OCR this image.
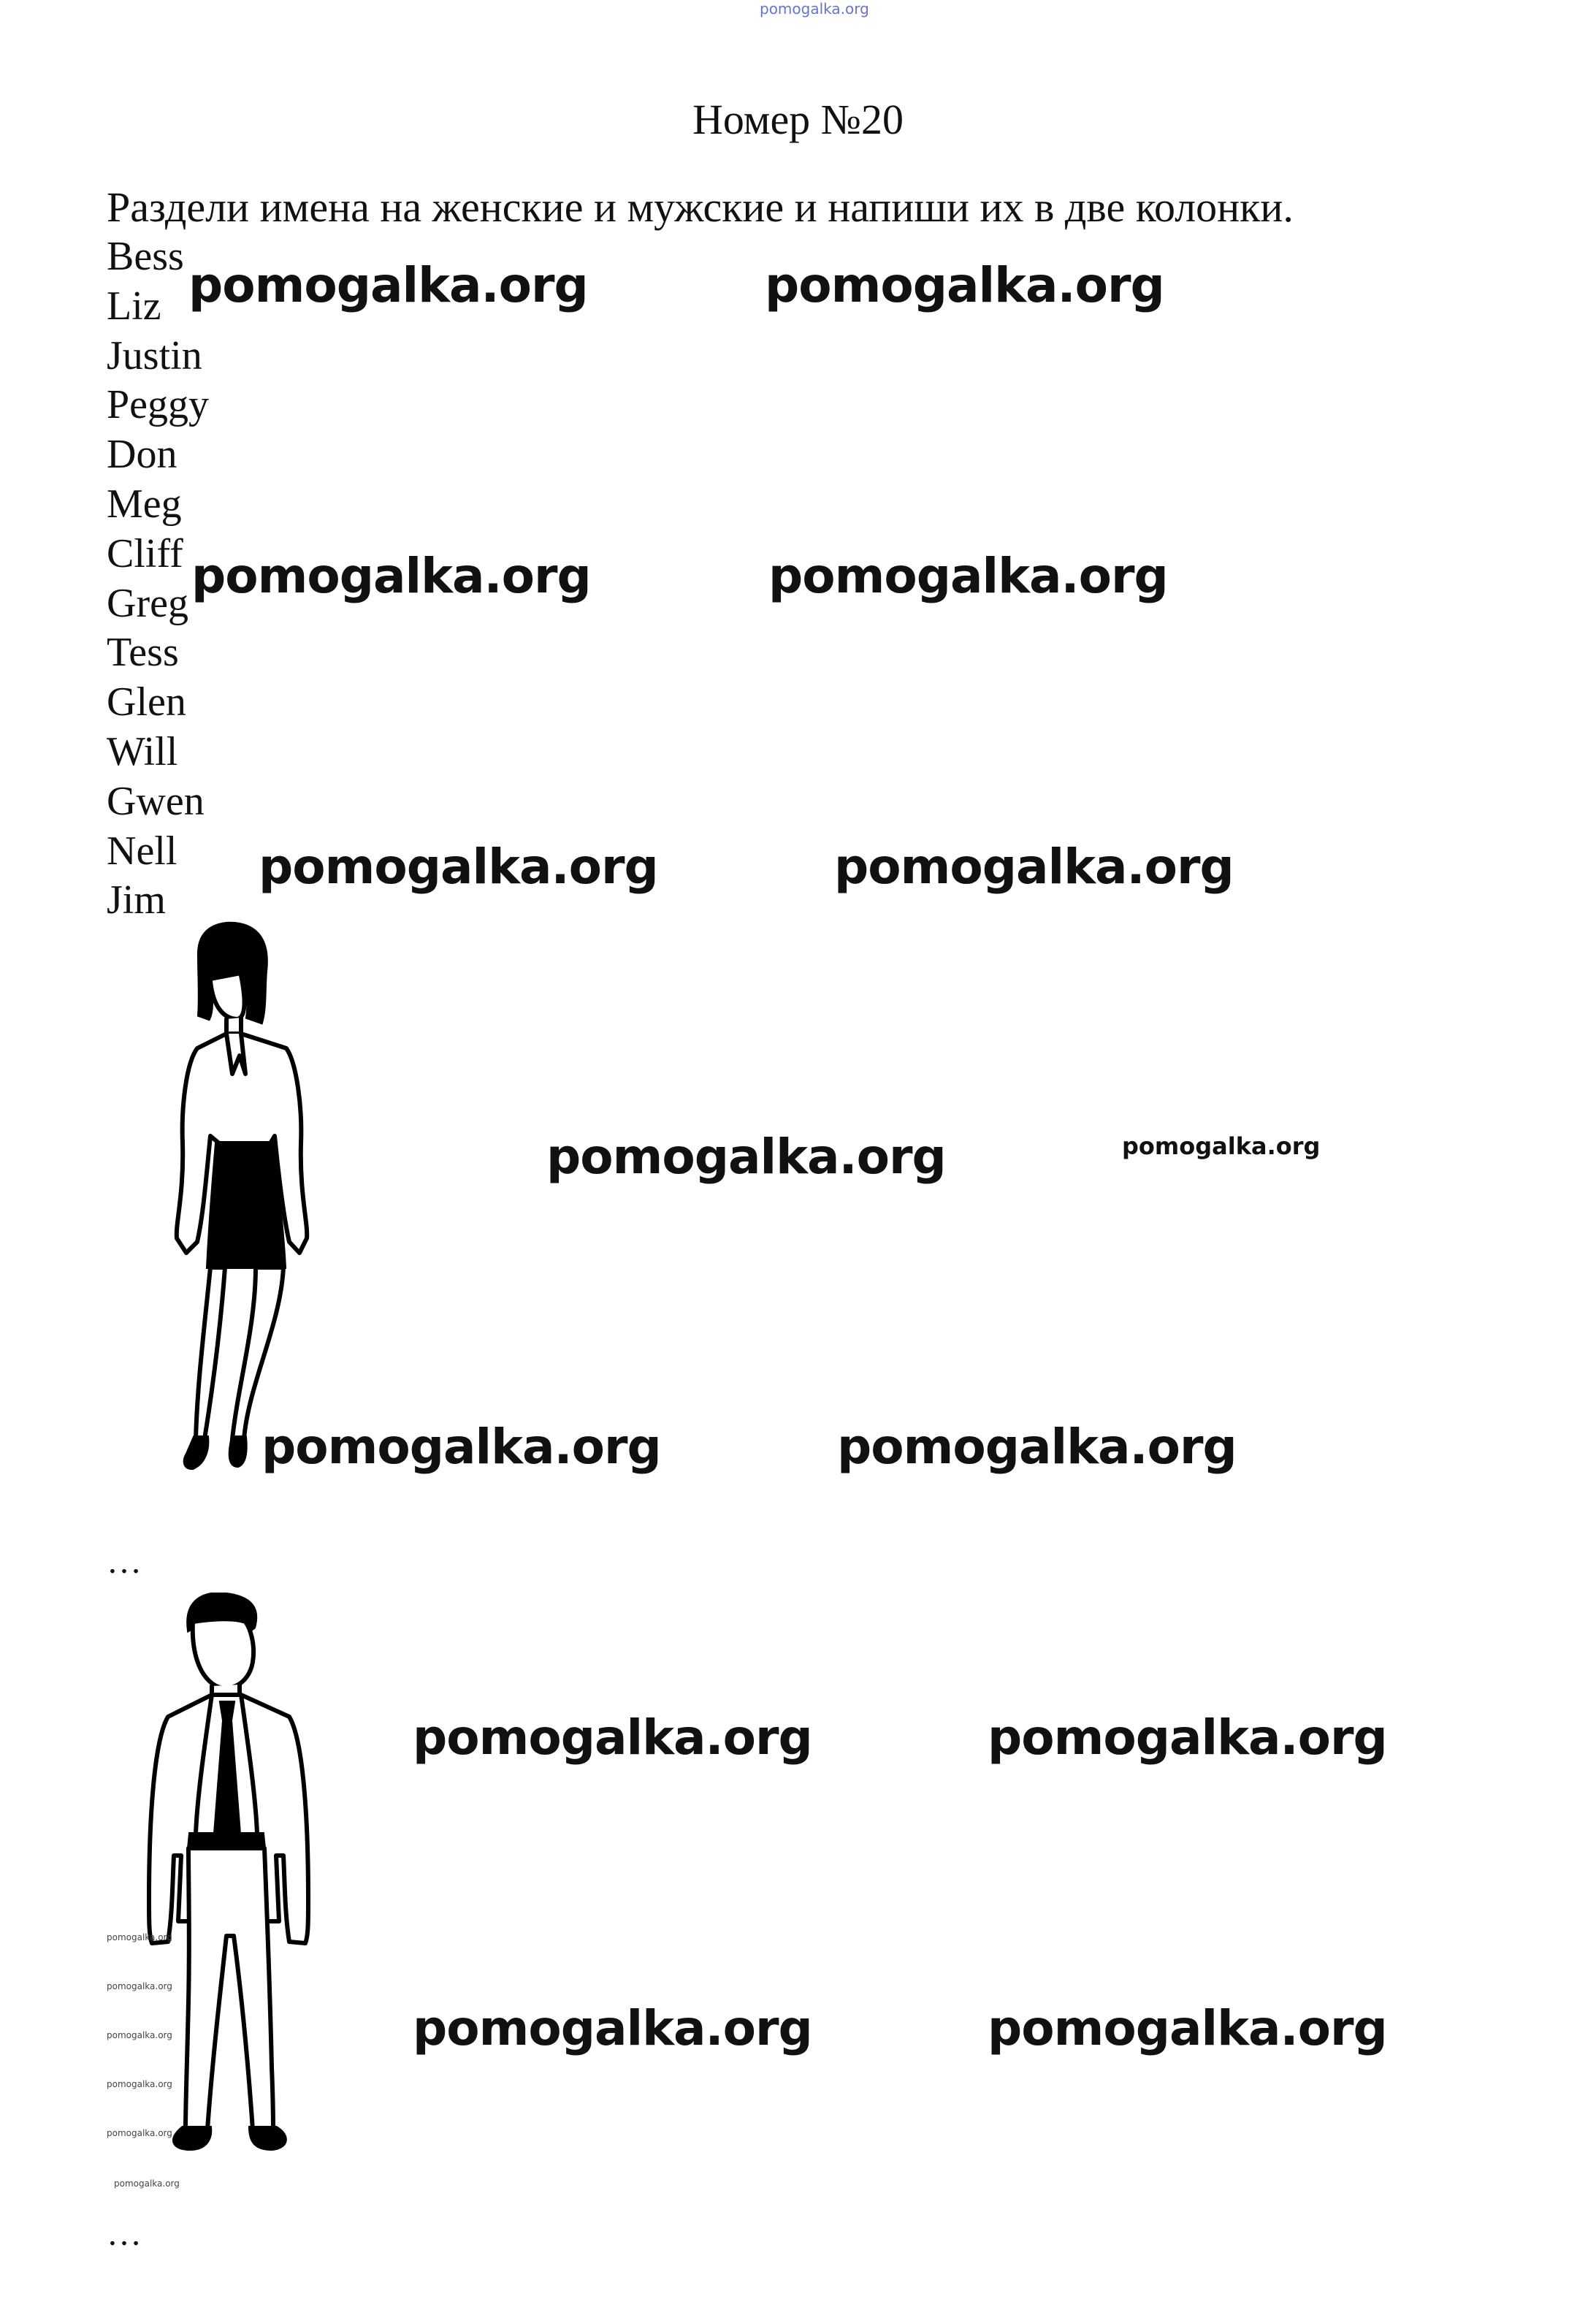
pomogalka.org
Номер №20
Раздели имена на женские и мужские и напиши их в две колонки.
Bess
Liz
Justin
Peggy
Don
Meg
Cliff
Greg
Tess
Glen
Will
Gwen
Nell
Jim
…
…
pomogalka.org	pomogalka.org
pomogalka.org	pomogalka.org
pomogalka.org	pomogalka.org
pomogalka.org	pomogalka.org
pomogalka.org	pomogalka.org
pomogalka.org	pomogalka.org
pomogalka.org	pomogalka.org
pomogalka.org
pomogalka.org
pomogalka.org
pomogalka.org
pomogalka.org
pomogalka.org
